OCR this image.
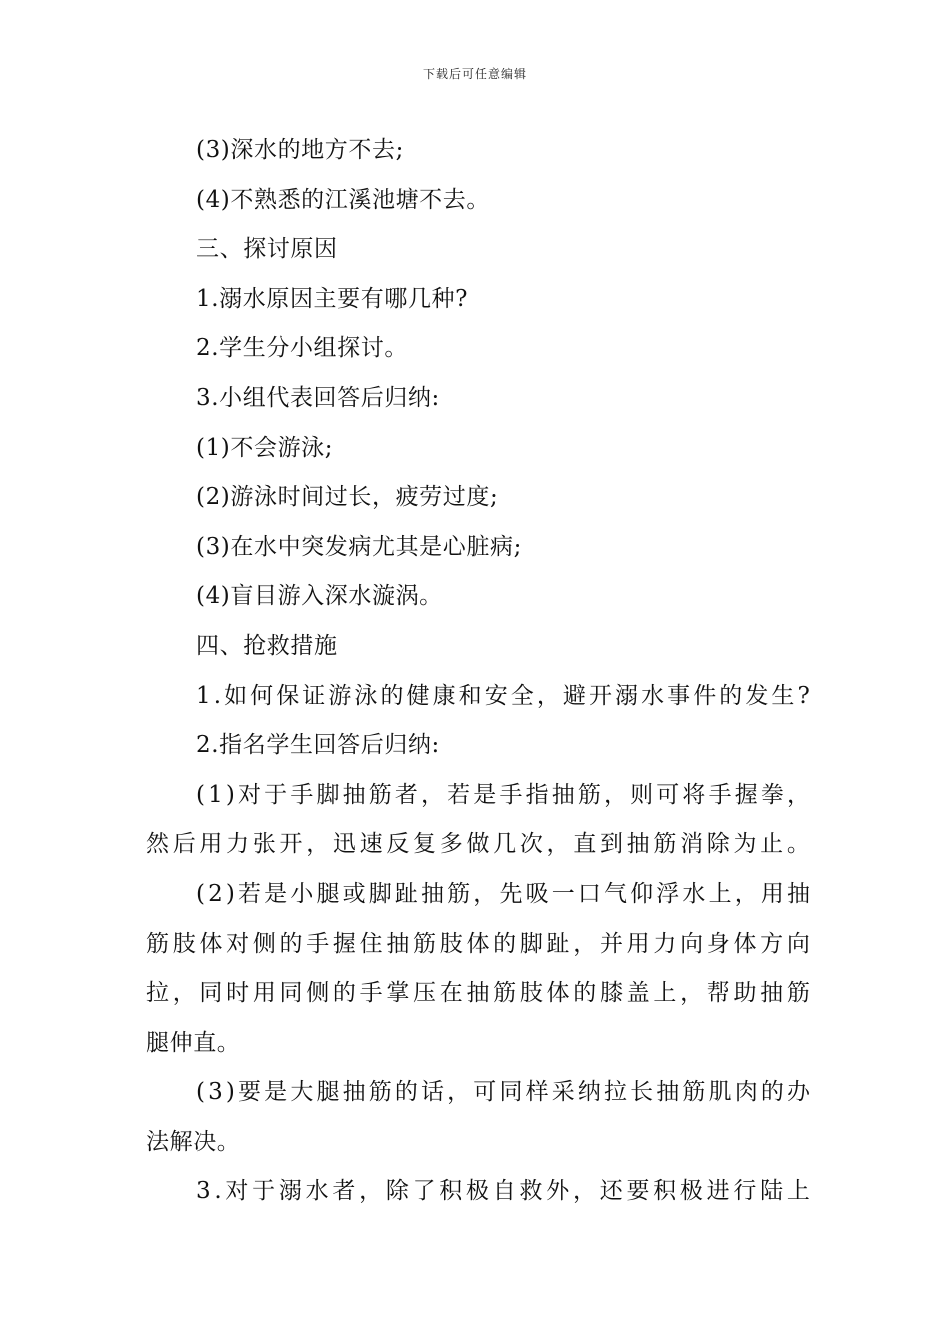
下载后可任意编辑
(3)深水的地方不去;
(4)不熟悉的江溪池塘不去。
三、探讨原因
1.溺水原因主要有哪几种?
2.学生分小组探讨。
3.小组代表回答后归纳:
(1)不会游泳;
(2)游泳时间过长，疲劳过度;
(3)在水中突发病尤其是心脏病;
(4)盲目游入深水漩涡。
四、抢救措施
1 . 如 何 保 证 游 泳 的 健 康 和 安 全 ， 避 开 溺 水 事 件 的 发 生 ?
2.指名学生回答后归纳:
( 1 ) 对 于 手 脚 抽 筋 者 ， 若 是 手 指 抽 筋 ， 则 可 将 手 握 拳 ，
然 后 用 力 张 开 ， 迅 速 反 复 多 做 几 次 ， 直 到 抽 筋 消 除 为 止 。
( 2 ) 若 是 小 腿 或 脚 趾 抽 筋 ， 先 吸 一 口 气 仰 浮 水 上 ， 用 抽
筋 肢 体 对 侧 的 手 握 住 抽 筋 肢 体 的 脚 趾 ， 并 用 力 向 身 体 方 向
拉 ， 同 时 用 同 侧 的 手 掌 压 在 抽 筋 肢 体 的 膝 盖 上 ， 帮 助 抽 筋
腿伸直。
( 3 ) 要 是 大 腿 抽 筋 的 话 ， 可 同 样 采 纳 拉 长 抽 筋 肌 肉 的 办
法解决。
3 . 对 于 溺 水 者 ， 除 了 积 极 自 救 外 ， 还 要 积 极 进 行 陆 上
